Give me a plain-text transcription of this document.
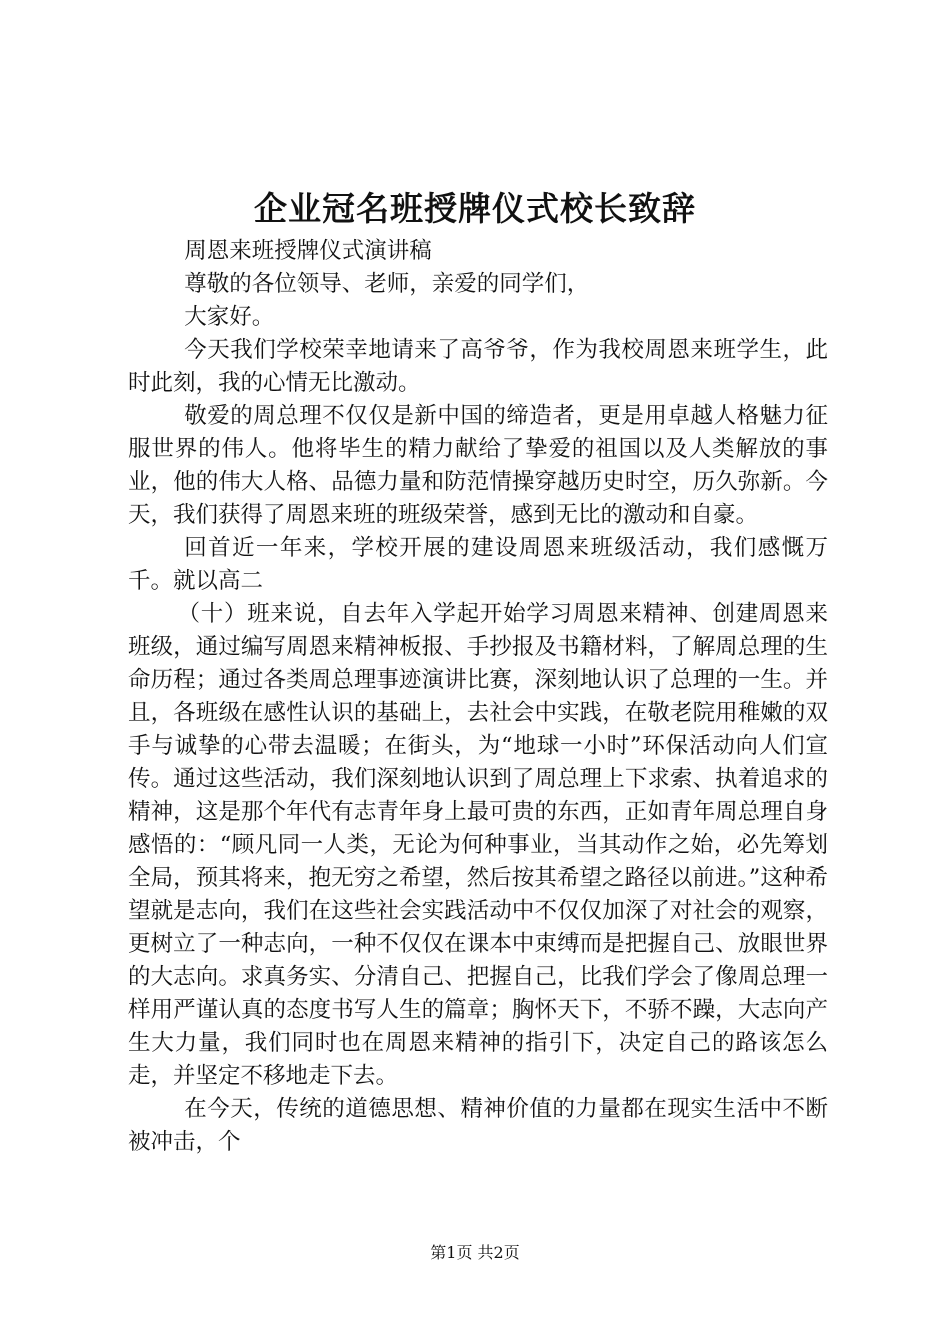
企业冠名班授牌仪式校长致辞

周恩来班授牌仪式演讲稿

尊敬的各位领导、老师，亲爱的同学们，

大家好。

今天我们学校荣幸地请来了高爷爷，作为我校周恩来班学生，此时此刻，我的心情无比激动。

敬爱的周总理不仅仅是新中国的缔造者，更是用卓越人格魅力征服世界的伟人。他将毕生的精力献给了挚爱的祖国以及人类解放的事业，他的伟大人格、品德力量和防范情操穿越历史时空，历久弥新。今天，我们获得了周恩来班的班级荣誉，感到无比的激动和自豪。

回首近一年来，学校开展的建设周恩来班级活动，我们感慨万千。就以高二

（十）班来说，自去年入学起开始学习周恩来精神、创建周恩来班级，通过编写周恩来精神板报、手抄报及书籍材料，了解周总理的生命历程；通过各类周总理事迹演讲比赛，深刻地认识了总理的一生。并且，各班级在感性认识的基础上，去社会中实践，在敬老院用稚嫩的双手与诚挚的心带去温暖；在街头，为“地球一小时”环保活动向人们宣传。通过这些活动，我们深刻地认识到了周总理上下求索、执着追求的精神，这是那个年代有志青年身上最可贵的东西，正如青年周总理自身感悟的：“顾凡同一人类，无论为何种事业，当其动作之始，必先筹划全局，预其将来，抱无穷之希望，然后按其希望之路径以前进。”这种希望就是志向，我们在这些社会实践活动中不仅仅加深了对社会的观察，更树立了一种志向，一种不仅仅在课本中束缚而是把握自己、放眼世界的大志向。求真务实、分清自己、把握自己，比我们学会了像周总理一样用严谨认真的态度书写人生的篇章；胸怀天下，不骄不躁，大志向产生大力量，我们同时也在周恩来精神的指引下，决定自己的路该怎么走，并坚定不移地走下去。

在今天，传统的道德思想、精神价值的力量都在现实生活中不断被冲击，个

第1页 共2页
